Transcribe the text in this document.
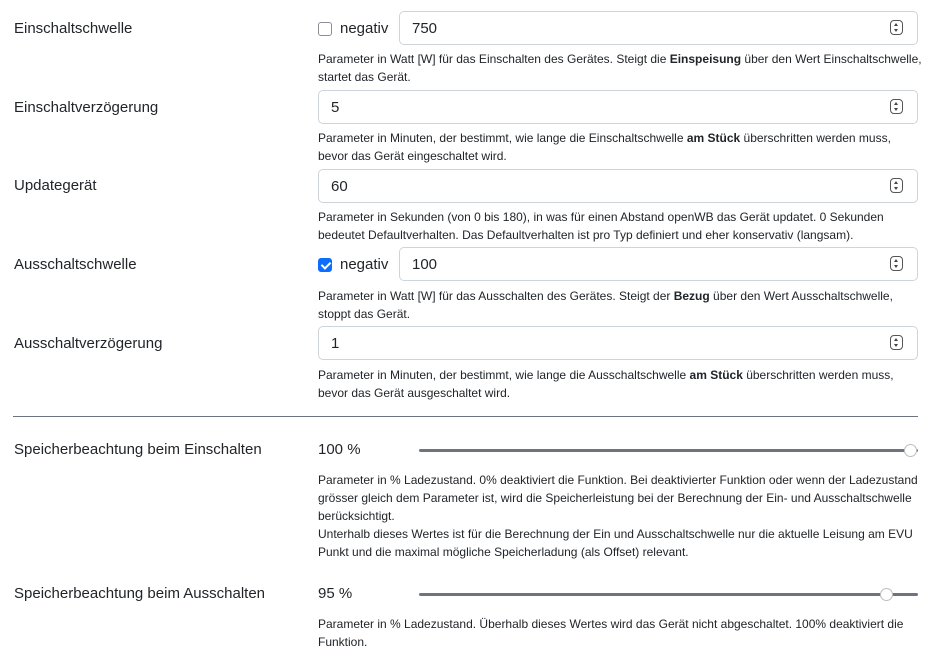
Einschaltschwelle	negativ 750
Parameter in Watt [W] für das Einschalten des Gerätes. Steigt die Einspeisung über den Wert Einschaltschwelle, startet das Gerät.
Einschaltverzögerung	5
Parameter in Minuten, der bestimmt, wie lange die Einschaltschwelle am Stück überschritten werden muss, bevor das Gerät eingeschaltet wird.
Updategerät	60
Parameter in Sekunden (von 0 bis 180), in was für einen Abstand openWB das Gerät updatet. 0 Sekunden bedeutet Defaultverhalten. Das Defaultverhalten ist pro Typ definiert und eher konservativ (langsam).
Ausschaltschwelle	negativ 100
Parameter in Watt [W] für das Ausschalten des Gerätes. Steigt der Bezug über den Wert Ausschaltschwelle, stoppt das Gerät.
Ausschaltverzögerung	1
Parameter in Minuten, der bestimmt, wie lange die Ausschaltschwelle am Stück überschritten werden muss, bevor das Gerät ausgeschaltet wird.
Speicherbeachtung beim Einschalten	100 %
Parameter in % Ladezustand. 0% deaktiviert die Funktion. Bei deaktivierter Funktion oder wenn der Ladezustand grösser gleich dem Parameter ist, wird die Speicherleistung bei der Berechnung der Ein- und Ausschaltschwelle berücksichtigt.
Unterhalb dieses Wertes ist für die Berechnung der Ein und Ausschaltschwelle nur die aktuelle Leisung am EVU Punkt und die maximal mögliche Speicherladung (als Offset) relevant.
Speicherbeachtung beim Ausschalten	95 %
Parameter in % Ladezustand. Überhalb dieses Wertes wird das Gerät nicht abgeschaltet. 100% deaktiviert die Funktion.
